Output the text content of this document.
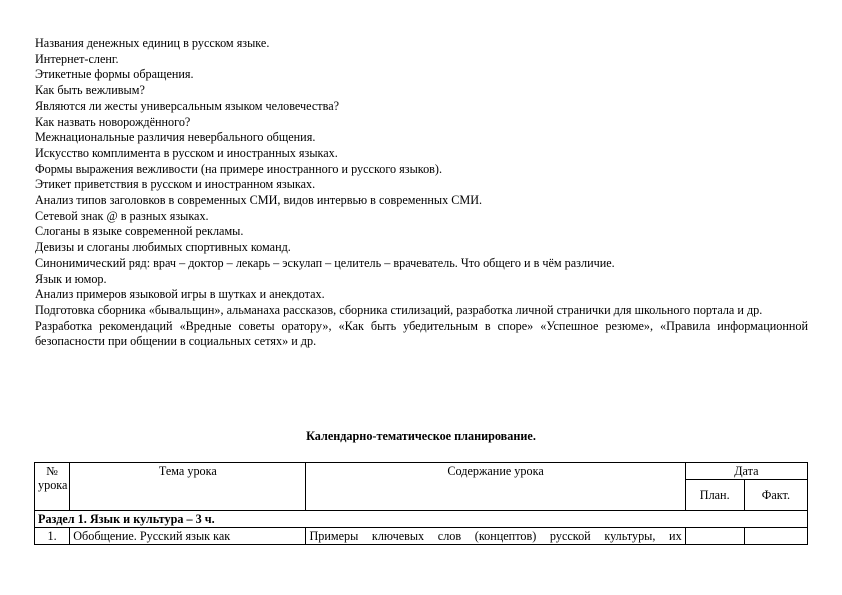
Названия денежных единиц в русском языке.
Интернет-сленг.
Этикетные формы обращения.
Как быть вежливым?
Являются ли жесты универсальным языком человечества?
Как назвать новорождённого?
Межнациональные различия невербального общения.
Искусство комплимента в русском и иностранных языках.
Формы выражения вежливости (на примере иностранного и русского языков).
Этикет приветствия в русском и иностранном языках.
Анализ типов заголовков в современных СМИ, видов интервью в современных СМИ.
Сетевой знак @ в разных языках.
Слоганы в языке современной рекламы.
Девизы и слоганы любимых спортивных команд.
Синонимический ряд: врач – доктор – лекарь – эскулап – целитель – врачеватель. Что общего и в чём различие.
Язык и юмор.
Анализ примеров языковой игры в шутках и анекдотах.
Подготовка сборника «бывальщин», альманаха рассказов, сборника стилизаций, разработка личной странички для школьного портала и др.
Разработка рекомендаций «Вредные советы оратору», «Как быть убедительным в споре» «Успешное резюме», «Правила информационной безопасности при общении в социальных сетях» и др.
Календарно-тематическое планирование.
№ урока	Тема урока	Содержание урока	Дата	
			План.	Факт.
Раздел 1. Язык и культура – 3 ч.				
1.	Обобщение. Русский язык как	Примеры ключевых слов (концептов) русской культуры, их		
